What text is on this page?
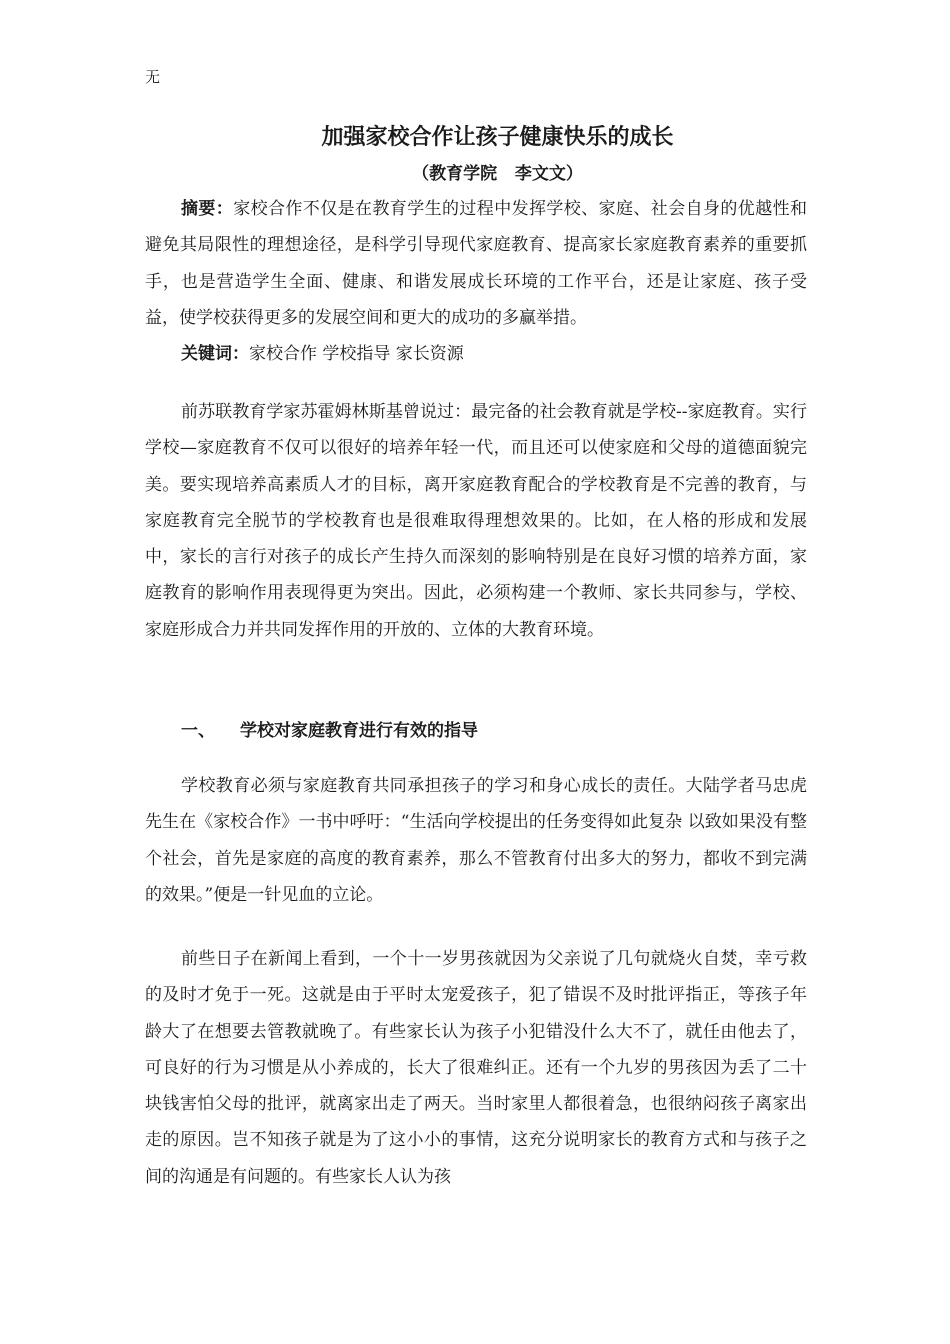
无
加强家校合作让孩子健康快乐的成长
（教育学院   李文文）
摘要：家校合作不仅是在教育学生的过程中发挥学校、家庭、社会自身的优越性和避免其局限性的理想途径，是科学引导现代家庭教育、提高家长家庭教育素养的重要抓手，也是营造学生全面、健康、和谐发展成长环境的工作平台，还是让家庭、孩子受益，使学校获得更多的发展空间和更大的成功的多赢举措。
关键词：家校合作 学校指导 家长资源
前苏联教育学家苏霍姆林斯基曾说过：最完备的社会教育就是学校--家庭教育。实行学校—家庭教育不仅可以很好的培养年轻一代，而且还可以使家庭和父母的道德面貌完美。要实现培养高素质人才的目标，离开家庭教育配合的学校教育是不完善的教育，与家庭教育完全脱节的学校教育也是很难取得理想效果的。比如，在人格的形成和发展中，家长的言行对孩子的成长产生持久而深刻的影响特别是在良好习惯的培养方面，家庭教育的影响作用表现得更为突出。因此，必须构建一个教师、家长共同参与，学校、家庭形成合力并共同发挥作用的开放的、立体的大教育环境。
一、 学校对家庭教育进行有效的指导
学校教育必须与家庭教育共同承担孩子的学习和身心成长的责任。大陆学者马忠虎先生在《家校合作》一书中呼吁：“生活向学校提出的任务变得如此复杂 以致如果没有整个社会，首先是家庭的高度的教育素养，那么不管教育付出多大的努力，都收不到完满的效果。”便是一针见血的立论。
前些日子在新闻上看到，一个十一岁男孩就因为父亲说了几句就烧火自焚，幸亏救的及时才免于一死。这就是由于平时太宠爱孩子，犯了错误不及时批评指正，等孩子年龄大了在想要去管教就晚了。有些家长认为孩子小犯错没什么大不了，就任由他去了，可良好的行为习惯是从小养成的，长大了很难纠正。还有一个九岁的男孩因为丢了二十块钱害怕父母的批评，就离家出走了两天。当时家里人都很着急，也很纳闷孩子离家出走的原因。岂不知孩子就是为了这小小的事情，这充分说明家长的教育方式和与孩子之间的沟通是有问题的。有些家长人认为孩
